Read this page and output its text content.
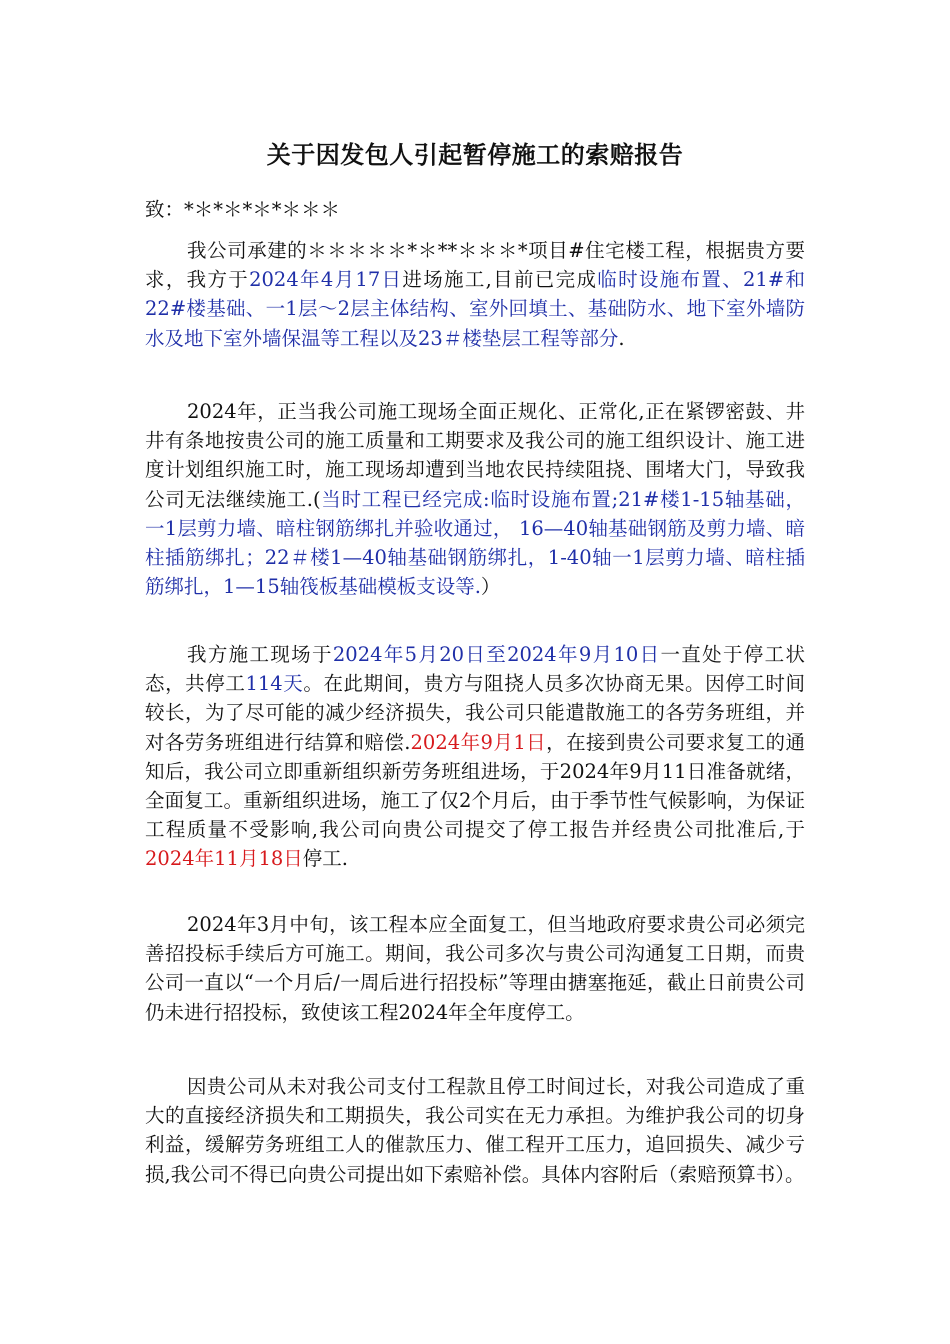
关于因发包人引起暂停施工的索赔报告
致：*＊*＊*＊*＊＊＊

我公司承建的＊＊＊＊＊*＊**＊＊＊*项目#住宅楼工程，根据贵方要求，我方于2024年4月17日进场施工,目前已完成临时设施布置、21#和22#楼基础、一1层～2层主体结构、室外回填土、基础防水、地下室外墙防水及地下室外墙保温等工程以及23＃楼垫层工程等部分.

2024年，正当我公司施工现场全面正规化、正常化,正在紧锣密鼓、井井有条地按贵公司的施工质量和工期要求及我公司的施工组织设计、施工进度计划组织施工时，施工现场却遭到当地农民持续阻挠、围堵大门，导致我公司无法继续施工.(当时工程已经完成:临时设施布置;21#楼1-15轴基础， 一1层剪力墙、暗柱钢筋绑扎并验收通过， 16—40轴基础钢筋及剪力墙、暗柱插筋绑扎；22＃楼1—40轴基础钢筋绑扎，1-40轴一1层剪力墙、暗柱插筋绑扎，1—15轴筏板基础模板支设等.）

我方施工现场于2024年5月20日至2024年9月10日一直处于停工状态，共停工114天。在此期间，贵方与阻挠人员多次协商无果。因停工时间较长，为了尽可能的减少经济损失，我公司只能遣散施工的各劳务班组，并对各劳务班组进行结算和赔偿.2024年9月1日，在接到贵公司要求复工的通知后，我公司立即重新组织新劳务班组进场，于2024年9月11日准备就绪，全面复工。重新组织进场，施工了仅2个月后，由于季节性气候影响，为保证工程质量不受影响,我公司向贵公司提交了停工报告并经贵公司批准后,于2024年11月18日停工.

2024年3月中旬，该工程本应全面复工，但当地政府要求贵公司必须完善招投标手续后方可施工。期间，我公司多次与贵公司沟通复工日期，而贵公司一直以“一个月后/一周后进行招投标”等理由搪塞拖延，截止日前贵公司仍未进行招投标，致使该工程2024年全年度停工。

因贵公司从未对我公司支付工程款且停工时间过长，对我公司造成了重大的直接经济损失和工期损失，我公司实在无力承担。为维护我公司的切身利益，缓解劳务班组工人的催款压力、催工程开工压力，追回损失、减少亏损,我公司不得已向贵公司提出如下索赔补偿。具体内容附后（索赔预算书）。
